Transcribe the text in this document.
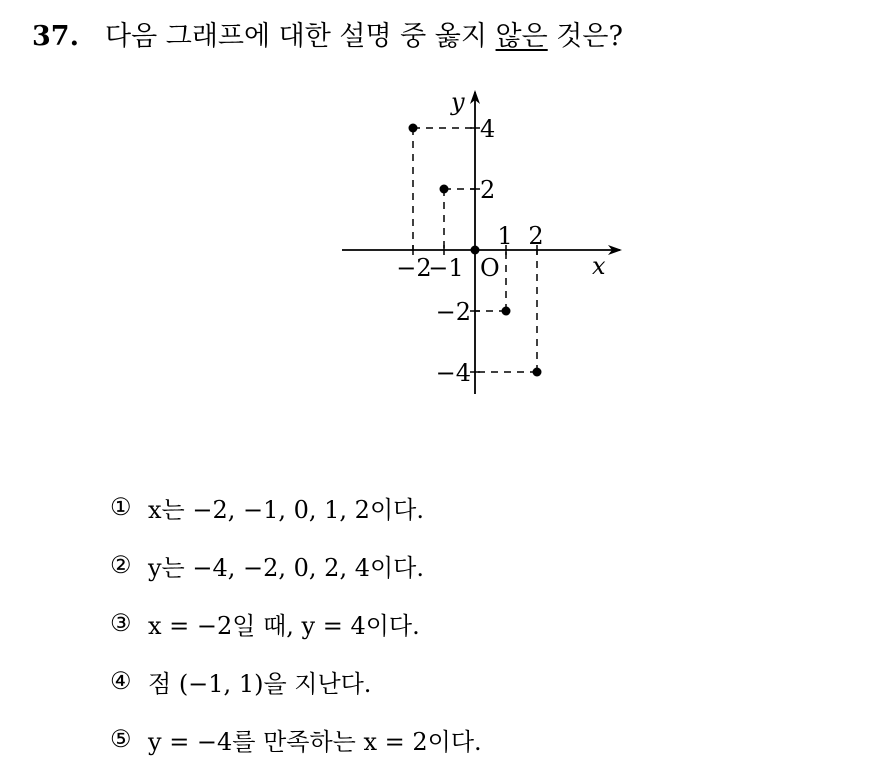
37. 다음 그래프에 대한 설명 중 옳지 않은 것은?
x
y
O
−2
−1
1 2
4
2
−2
−4
① x는 −2, −1, 0, 1, 2이다.
② y는 −4, −2, 0, 2, 4이다.
③ x = −2일 때, y = 4이다.
④ 점 (−1, 1)을 지난다.
⑤ y = −4를 만족하는 x = 2이다.
